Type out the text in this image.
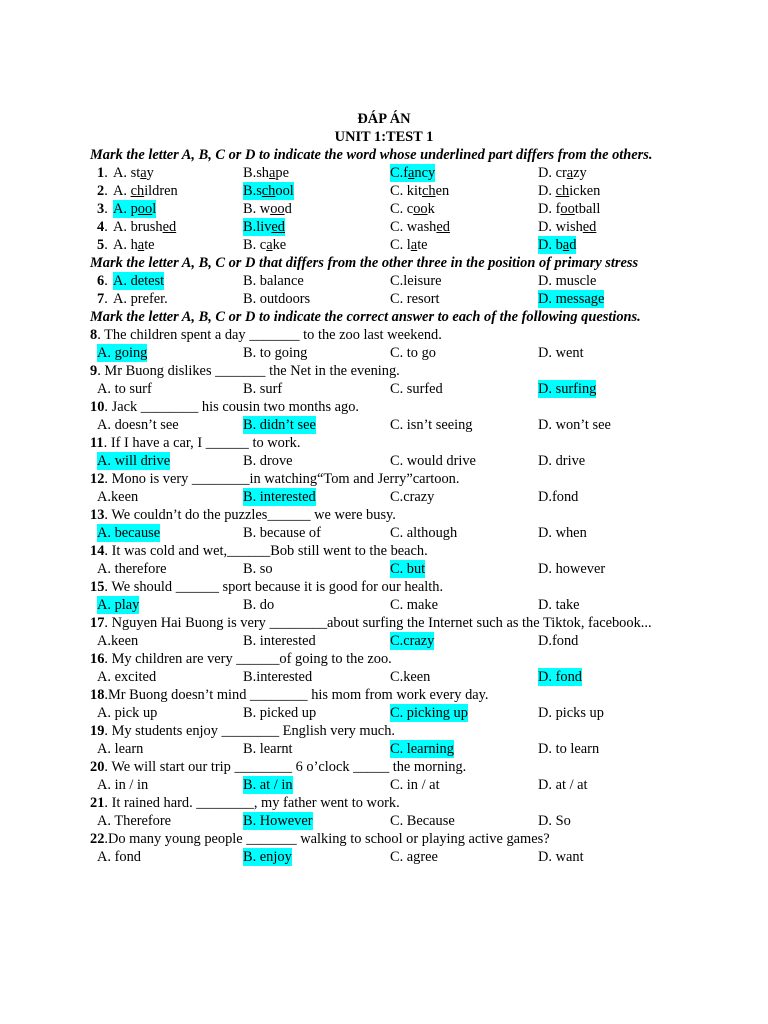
ĐÁP ÁN
UNIT 1:TEST 1
Mark the letter A, B, C or D to indicate the word whose underlined part differs from the others.
1. A. stay	B.shape	C.fancy	D. crazy
2. A. children	B.school	C. kitchen	D. chicken
3. A. pool	B. wood	C. cook	D. football
4. A. brushed	B.lived	C. washed	D. wished
5. A. hate	B. cake	C. late	D. bad
Mark the letter A, B, C or D that differs from the other three in the position of primary stress
6. A. detest	B. balance	C.leisure	D. muscle
7. A. prefer.	B. outdoors	C. resort	D. message
Mark the letter A, B, C or D to indicate the correct answer to each of the following questions.
8. The children spent a day _______ to the zoo last weekend.
A. going	B. to going	C. to go	D. went
9. Mr Buong dislikes _______ the Net in the evening.
A. to surf	B. surf	C. surfed	D. surfing
10. Jack ________ his cousin two months ago.
A. doesn’t see	B. didn’t see	C. isn’t seeing	D. won’t see
11. If I have a car, I ______ to work.
A. will drive	B. drove	C. would drive	D. drive
12. Mono is very ________in watching“Tom and Jerry”cartoon.
A.keen	B. interested	C.crazy	D.fond
13. We couldn’t do the puzzles______ we were busy.
A. because	B. because of	C. although	D. when
14. It was cold and wet,______Bob still went to the beach.
A. therefore	B. so	C. but	D. however
15. We should ______ sport because it is good for our health.
A. play	B. do	C. make	D. take
17. Nguyen Hai Buong is very ________about surfing the Internet such as the Tiktok, facebook...
A.keen	B. interested	C.crazy	D.fond
16. My children are very ______of going to the zoo.
A. excited	B.interested	C.keen	D. fond
18.Mr Buong doesn’t mind ________ his mom from work every day.
A. pick up	B. picked up	C. picking up	D. picks up
19. My students enjoy ________ English very much.
A. learn	B. learnt	C. learning	D. to learn
20. We will start our trip ________ 6 o’clock _____ the morning.
A. in / in	B. at / in	C. in / at	D. at / at
21. It rained hard. ________, my father went to work.
A. Therefore	B. However	C. Because	D. So
22.Do many young people _______ walking to school or playing active games?
A. fond	B. enjoy	C. agree	D. want
